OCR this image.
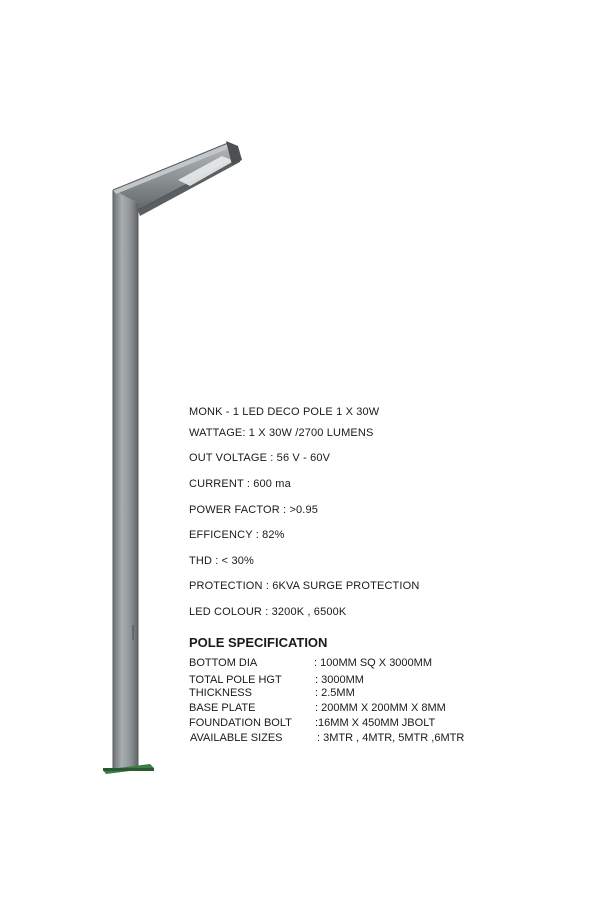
MONK - 1 LED DECO POLE 1 X 30W
WATTAGE: 1 X 30W /2700 LUMENS
OUT VOLTAGE : 56 V - 60V
CURRENT : 600 ma
POWER FACTOR : >0.95
EFFICENCY : 82%
THD : < 30%
PROTECTION : 6KVA SURGE PROTECTION
LED COLOUR : 3200K , 6500K
POLE SPECIFICATION
BOTTOM DIA	: 100MM SQ X 3000MM
TOTAL POLE HGT	: 3000MM
THICKNESS	: 2.5MM
BASE PLATE	: 200MM X 200MM X 8MM
FOUNDATION BOLT :16MM X 450MM JBOLT
AVAILABLE SIZES	: 3MTR , 4MTR, 5MTR ,6MTR
